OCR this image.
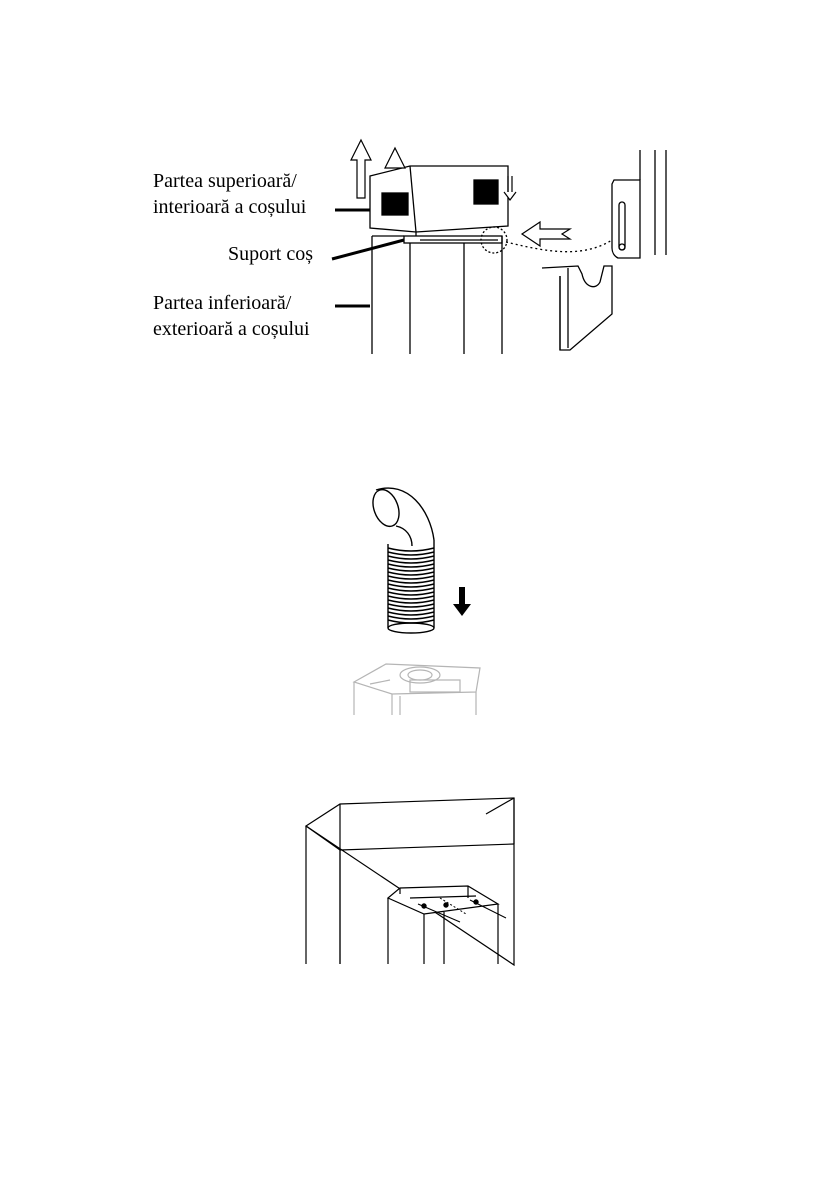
Partea superioară/
interioară a coșului
Suport coș
Partea inferioară/
exterioară a coșului
